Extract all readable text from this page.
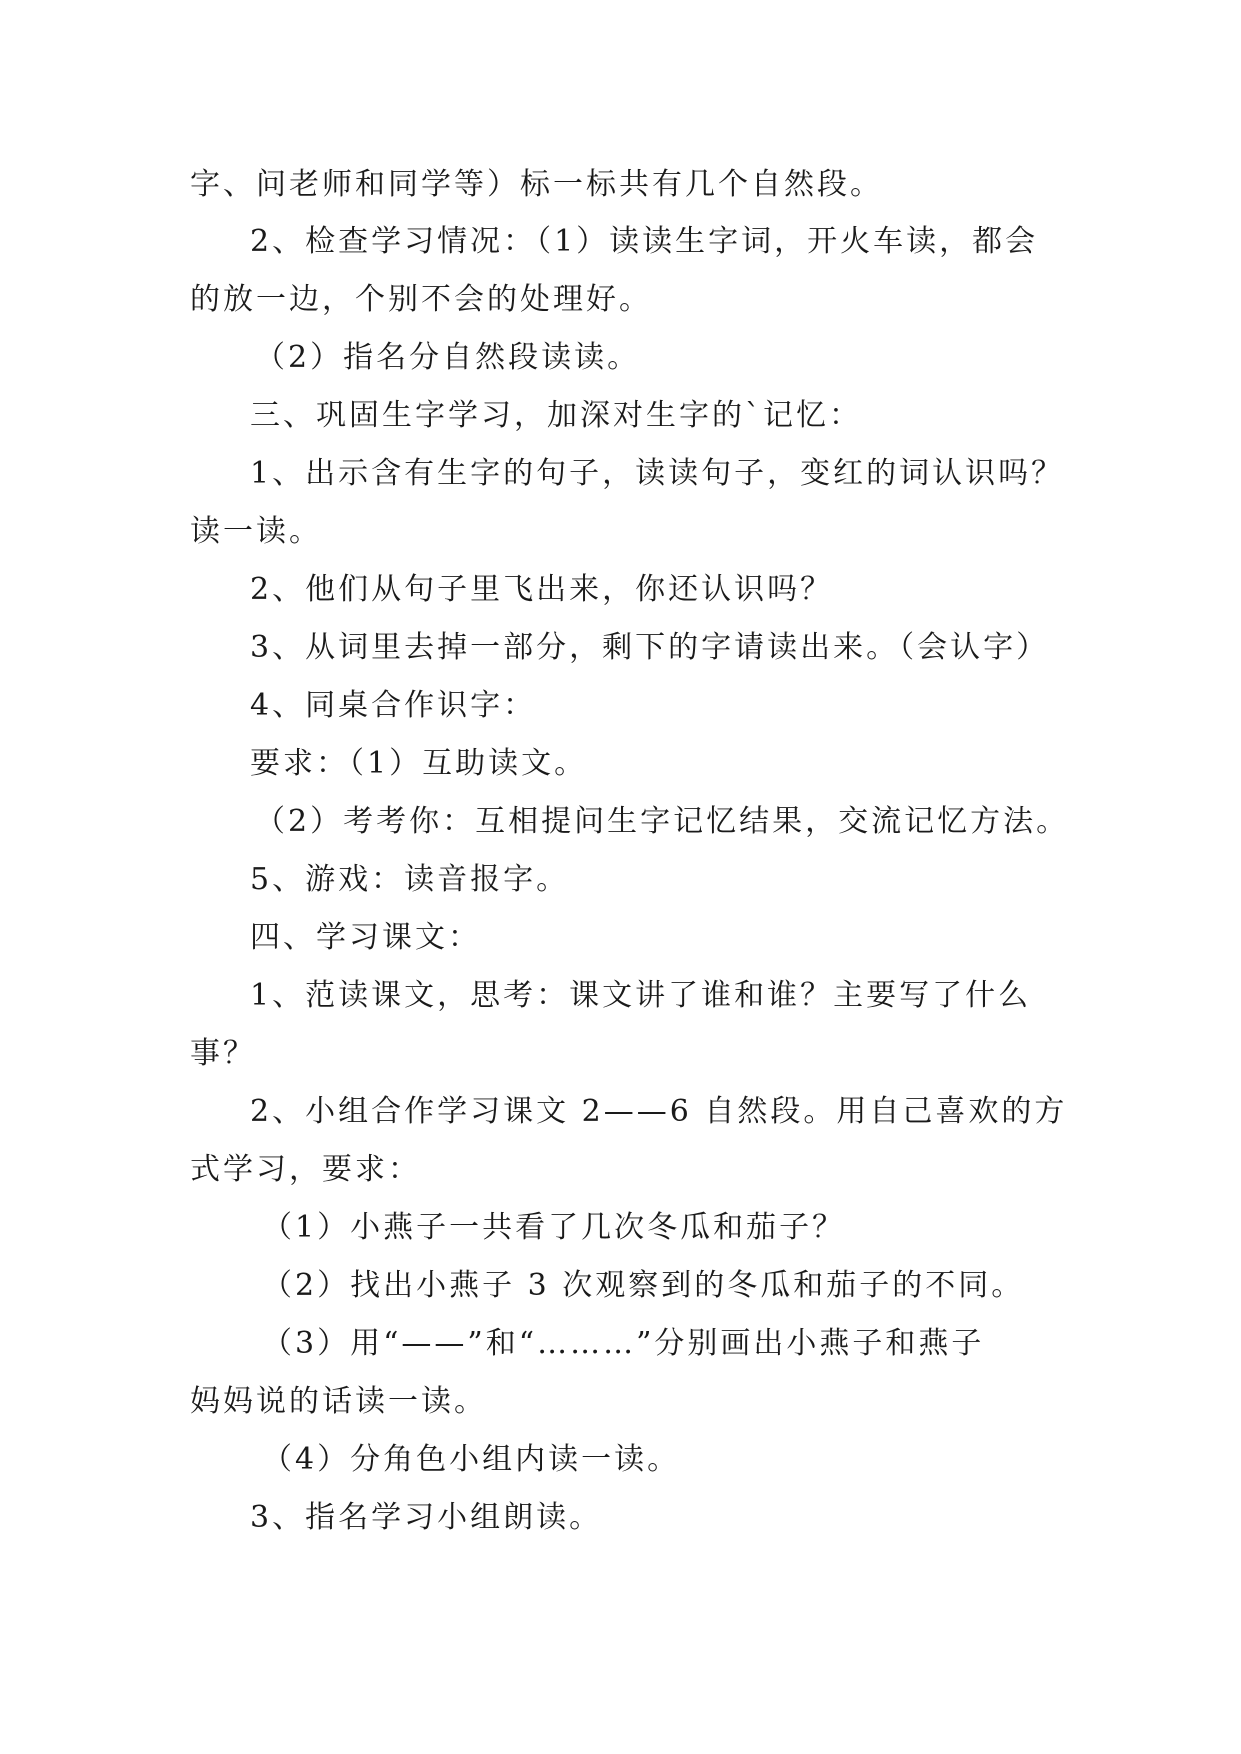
字、问老师和同学等）标一标共有几个自然段。
2、检查学习情况：（1）读读生字词，开火车读，都会
的放一边，个别不会的处理好。
（2）指名分自然段读读。
三、巩固生字学习，加深对生字的`记忆：
1、出示含有生字的句子，读读句子，变红的词认识吗？
读一读。
2、他们从句子里飞出来，你还认识吗？
3、从词里去掉一部分，剩下的字请读出来。（会认字）
4、同桌合作识字：
要求：（1）互助读文。
（2）考考你：互相提问生字记忆结果，交流记忆方法。
5、游戏：读音报字。
四、学习课文：
1、范读课文，思考：课文讲了谁和谁？主要写了什么
事？
2、小组合作学习课文 2——6 自然段。用自己喜欢的方
式学习，要求：
（1）小燕子一共看了几次冬瓜和茄子？
（2）找出小燕子 3 次观察到的冬瓜和茄子的不同。
（3）用“——”和“………”分别画出小燕子和燕子
妈妈说的话读一读。
（4）分角色小组内读一读。
3、指名学习小组朗读。
